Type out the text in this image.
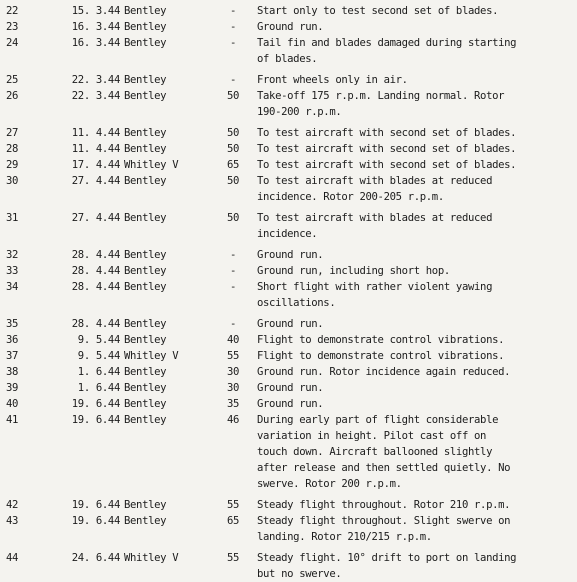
22	15. 3.44 Bentley	-	Start only to test second set of blades.
23	16. 3.44 Bentley	-	Ground run.
24	16. 3.44 Bentley	-	Tail fin and blades damaged during starting
of blades.
25	22. 3.44 Bentley	-	Front wheels only in air.
26	22. 3.44 Bentley	50	Take-off 175 r.p.m. Landing normal. Rotor
190-200 r.p.m.
27	11. 4.44 Bentley	50	To test aircraft with second set of blades.
28	11. 4.44 Bentley	50	To test aircraft with second set of blades.
29	17. 4.44 Whitley V	65	To test aircraft with second set of blades.
30	27. 4.44 Bentley	50	To test aircraft with blades at reduced
incidence. Rotor 200-205 r.p.m.
31	27. 4.44 Bentley	50	To test aircraft with blades at reduced
incidence.
32	28. 4.44 Bentley	-	Ground run.
33	28. 4.44 Bentley	-	Ground run, including short hop.
34	28. 4.44 Bentley	-	Short flight with rather violent yawing
oscillations.
35	28. 4.44 Bentley	-	Ground run.
36	9. 5.44 Bentley	40	Flight to demonstrate control vibrations.
37	9. 5.44 Whitley V	55	Flight to demonstrate control vibrations.
38	1. 6.44 Bentley	30	Ground run. Rotor incidence again reduced.
39	1. 6.44 Bentley	30	Ground run.
40	19. 6.44 Bentley	35	Ground run.
41	19. 6.44 Bentley	46	During early part of flight considerable
variation in height. Pilot cast off on
touch down. Aircraft ballooned slightly
after release and then settled quietly. No
swerve. Rotor 200 r.p.m.
42	19. 6.44 Bentley	55	Steady flight throughout. Rotor 210 r.p.m.
43	19. 6.44 Bentley	65	Steady flight throughout. Slight swerve on
landing. Rotor 210/215 r.p.m.
44	24. 6.44 Whitley V	55	Steady flight. 10° drift to port on landing
but no swerve.
